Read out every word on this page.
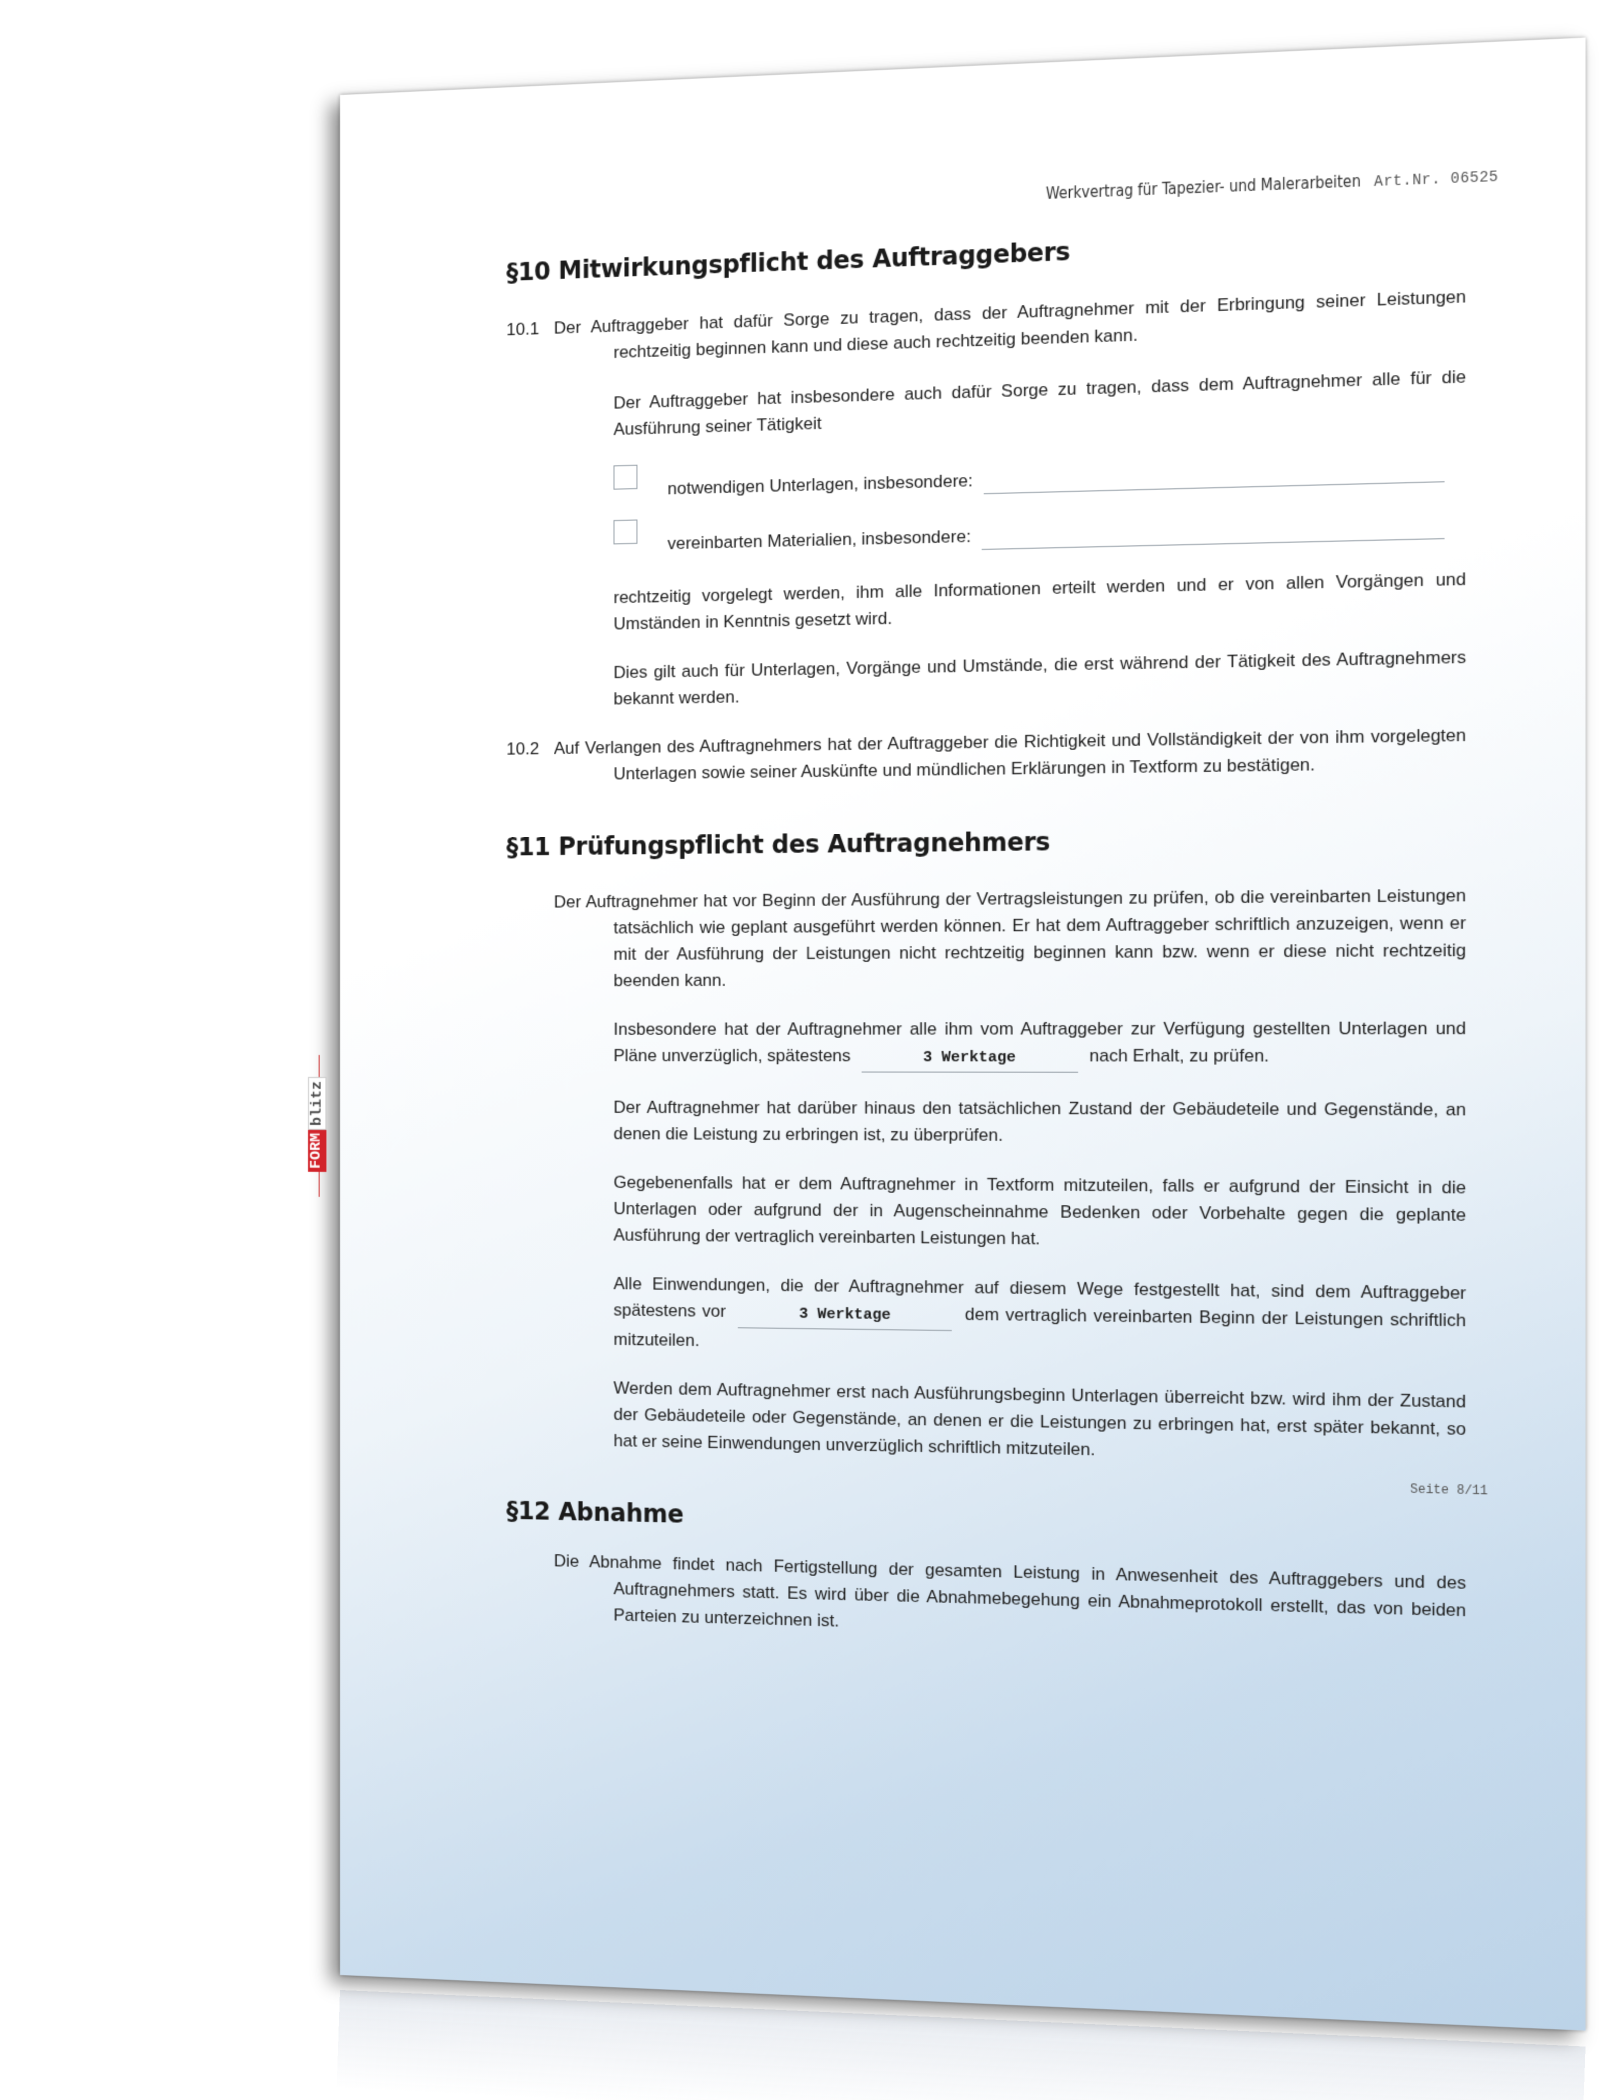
Werkvertrag für Tapezier- und Malerarbeiten Art.Nr. 06525
FORM
blitz
§10 Mitwirkungspflicht des Auftraggebers
10.1 Der Auftraggeber hat dafür Sorge zu tragen, dass der Auftragnehmer mit der Erbringung seiner Leistungen rechtzeitig beginnen kann und diese auch rechtzeitig beenden kann.

Der Auftraggeber hat insbesondere auch dafür Sorge zu tragen, dass dem Auftragnehmer alle für die Ausführung seiner Tätigkeit

notwendigen Unterlagen, insbesondere:
vereinbarten Materialien, insbesondere:

rechtzeitig vorgelegt werden, ihm alle Informationen erteilt werden und er von allen Vorgängen und Umständen in Kenntnis gesetzt wird.

Dies gilt auch für Unterlagen, Vorgänge und Umstände, die erst während der Tätigkeit des Auftragnehmers bekannt werden.

10.2 Auf Verlangen des Auftragnehmers hat der Auftraggeber die Richtigkeit und Vollständigkeit der von ihm vorgelegten Unterlagen sowie seiner Auskünfte und mündlichen Erklärungen in Textform zu bestätigen.

§11 Prüfungspflicht des Auftragnehmers

Der Auftragnehmer hat vor Beginn der Ausführung der Vertragsleistungen zu prüfen, ob die vereinbarten Leistungen tatsächlich wie geplant ausgeführt werden können. Er hat dem Auftraggeber schriftlich anzuzeigen, wenn er mit der Ausführung der Leistungen nicht rechtzeitig beginnen kann bzw. wenn er diese nicht rechtzeitig beenden kann.

Insbesondere hat der Auftragnehmer alle ihm vom Auftraggeber zur Verfügung gestellten Unterlagen und Pläne unverzüglich, spätestens	3 Werktage	nach Erhalt, zu prüfen.

Der Auftragnehmer hat darüber hinaus den tatsächlichen Zustand der Gebäudeteile und Gegenstände, an denen die Leistung zu erbringen ist, zu überprüfen.

Gegebenenfalls hat er dem Auftragnehmer in Textform mitzuteilen, falls er aufgrund der Einsicht in die Unterlagen oder aufgrund der in Augenscheinnahme Bedenken oder Vorbehalte gegen die geplante Ausführung der vertraglich vereinbarten Leistungen hat.

Alle Einwendungen, die der Auftragnehmer auf diesem Wege festgestellt hat, sind dem Auftraggeber spätestens vor	3 Werktage	dem vertraglich vereinbarten Beginn der Leistungen schriftlich mitzuteilen.

Werden dem Auftragnehmer erst nach Ausführungsbeginn Unterlagen überreicht bzw. wird ihm der Zustand der Gebäudeteile oder Gegenstände, an denen er die Leistungen zu erbringen hat, erst später bekannt, so hat er seine Einwendungen unverzüglich schriftlich mitzuteilen.

§12 Abnahme

Die Abnahme findet nach Fertigstellung der gesamten Leistung in Anwesenheit des Auftraggebers und des Auftragnehmers statt. Es wird über die Abnahmebegehung ein Abnahmeprotokoll erstellt, das von beiden Parteien zu unterzeichnen ist.

Seite 8/11
